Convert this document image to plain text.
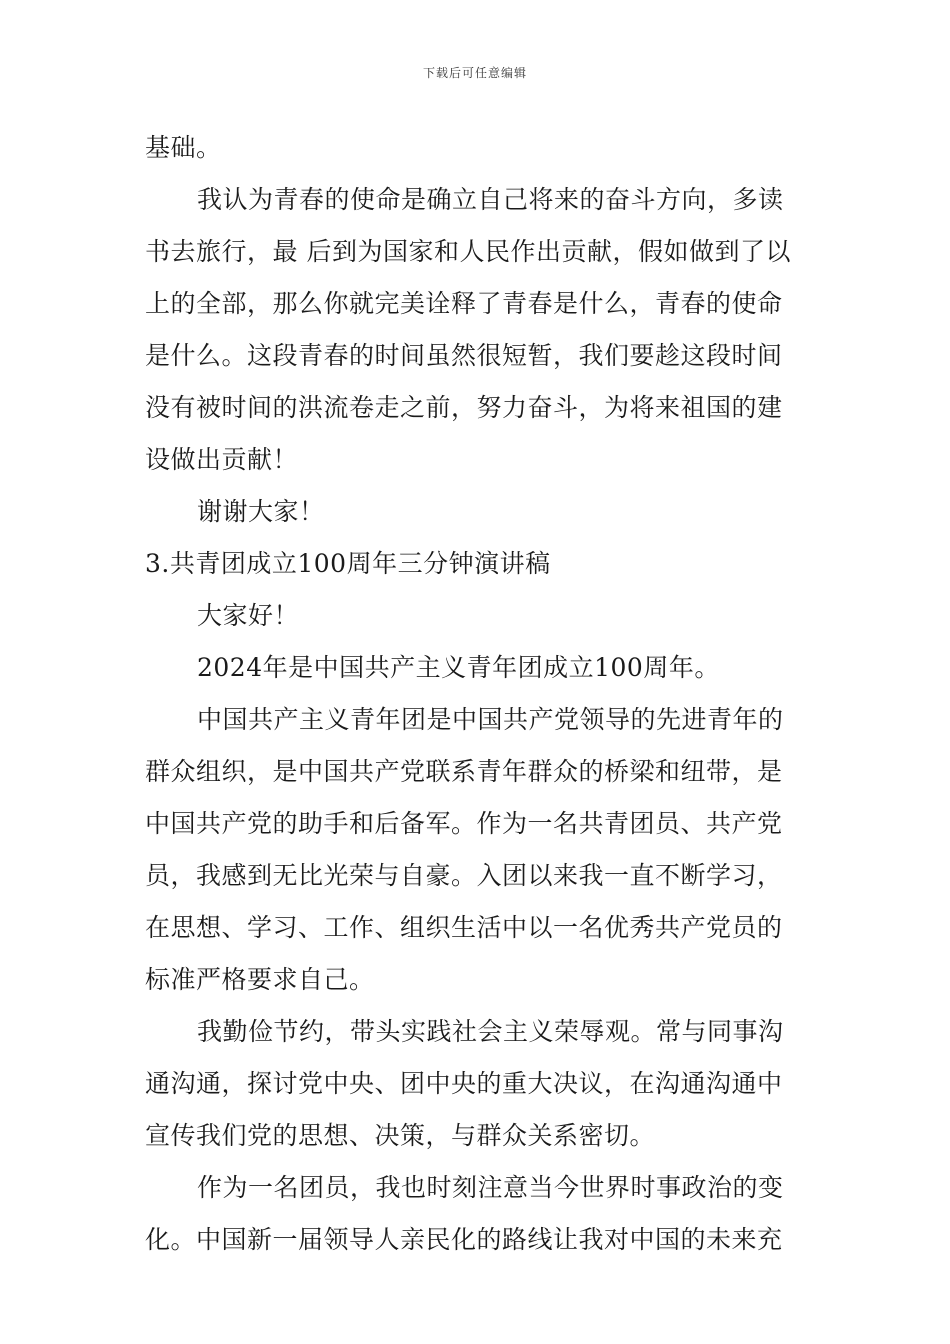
下载后可任意编辑
基础。
我认为青春的使命是确立自己将来的奋斗方向，多读
书去旅行，最 后到为国家和人民作出贡献，假如做到了以
上的全部，那么你就完美诠释了青春是什么，青春的使命
是什么。这段青春的时间虽然很短暂，我们要趁这段时间
没有被时间的洪流卷走之前，努力奋斗，为将来祖国的建
设做出贡献！
谢谢大家！
3.共青团成立100周年三分钟演讲稿
大家好！
2024年是中国共产主义青年团成立100周年。
中国共产主义青年团是中国共产党领导的先进青年的
群众组织，是中国共产党联系青年群众的桥梁和纽带，是
中国共产党的助手和后备军。作为一名共青团员、共产党
员，我感到无比光荣与自豪。入团以来我一直不断学习，
在思想、学习、工作、组织生活中以一名优秀共产党员的
标准严格要求自己。
我勤俭节约，带头实践社会主义荣辱观。常与同事沟
通沟通，探讨党中央、团中央的重大决议，在沟通沟通中
宣传我们党的思想、决策，与群众关系密切。
作为一名团员，我也时刻注意当今世界时事政治的变
化。中国新一届领导人亲民化的路线让我对中国的未来充
